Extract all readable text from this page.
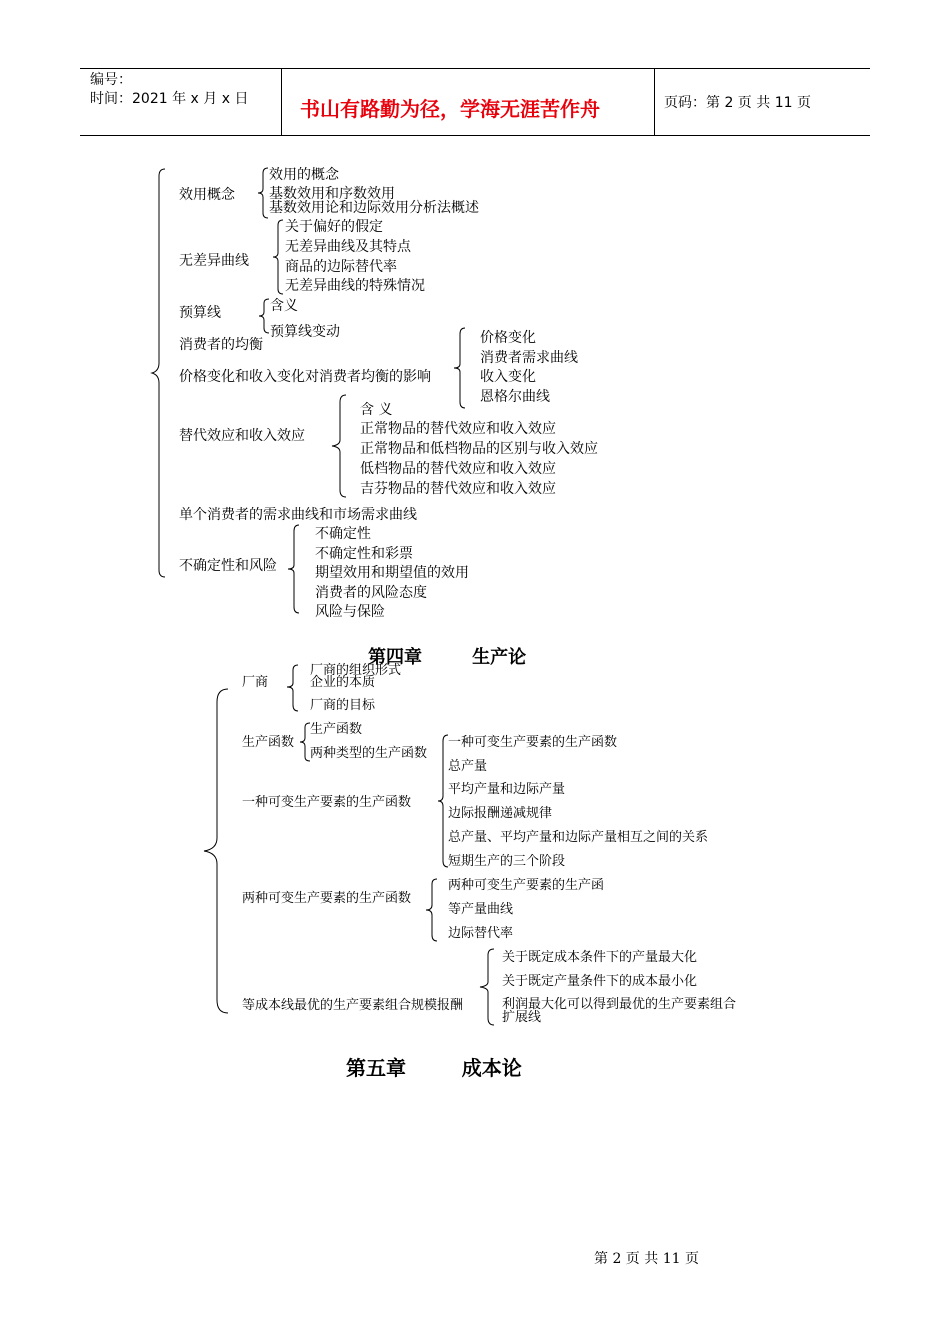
编号：
时间：2021 年 x 月 x 日	书山有路勤为径，学海无涯苦作舟	页码：第 2 页 共 11 页
效用概念
效用的概念
基数效用和序数效用
基数效用论和边际效用分析法概述
无差异曲线
关于偏好的假定
无差异曲线及其特点
商品的边际替代率
无差异曲线的特殊情况
预算线	含义
预算线变动
消费者的均衡
价格变化和收入变化对消费者均衡的影响
价格变化
消费者需求曲线
收入变化
恩格尔曲线
替代效应和收入效应
含 义
正常物品的替代效应和收入效应
正常物品和低档物品的区别与收入效应
低档物品的替代效应和收入效应
吉芬物品的替代效应和收入效应
单个消费者的需求曲线和市场需求曲线
不确定性和风险
不确定性
不确定性和彩票
期望效用和期望值的效用
消费者的风险态度
风险与保险
第四章        生产论
厂商
厂商的组织形式
企业的本质
厂商的目标
生产函数
生产函数
两种类型的生产函数
一种可变生产要素的生产函数
一种可变生产要素的生产函数
总产量
平均产量和边际产量
边际报酬递减规律
总产量、平均产量和边际产量相互之间的关系
短期生产的三个阶段
两种可变生产要素的生产函数
两种可变生产要素的生产函
等产量曲线
边际替代率
等成本线最优的生产要素组合规模报酬
关于既定成本条件下的产量最大化
关于既定产量条件下的成本最小化
利润最大化可以得到最优的生产要素组合
扩展线
第五章        成本论
第 2 页 共 11 页
